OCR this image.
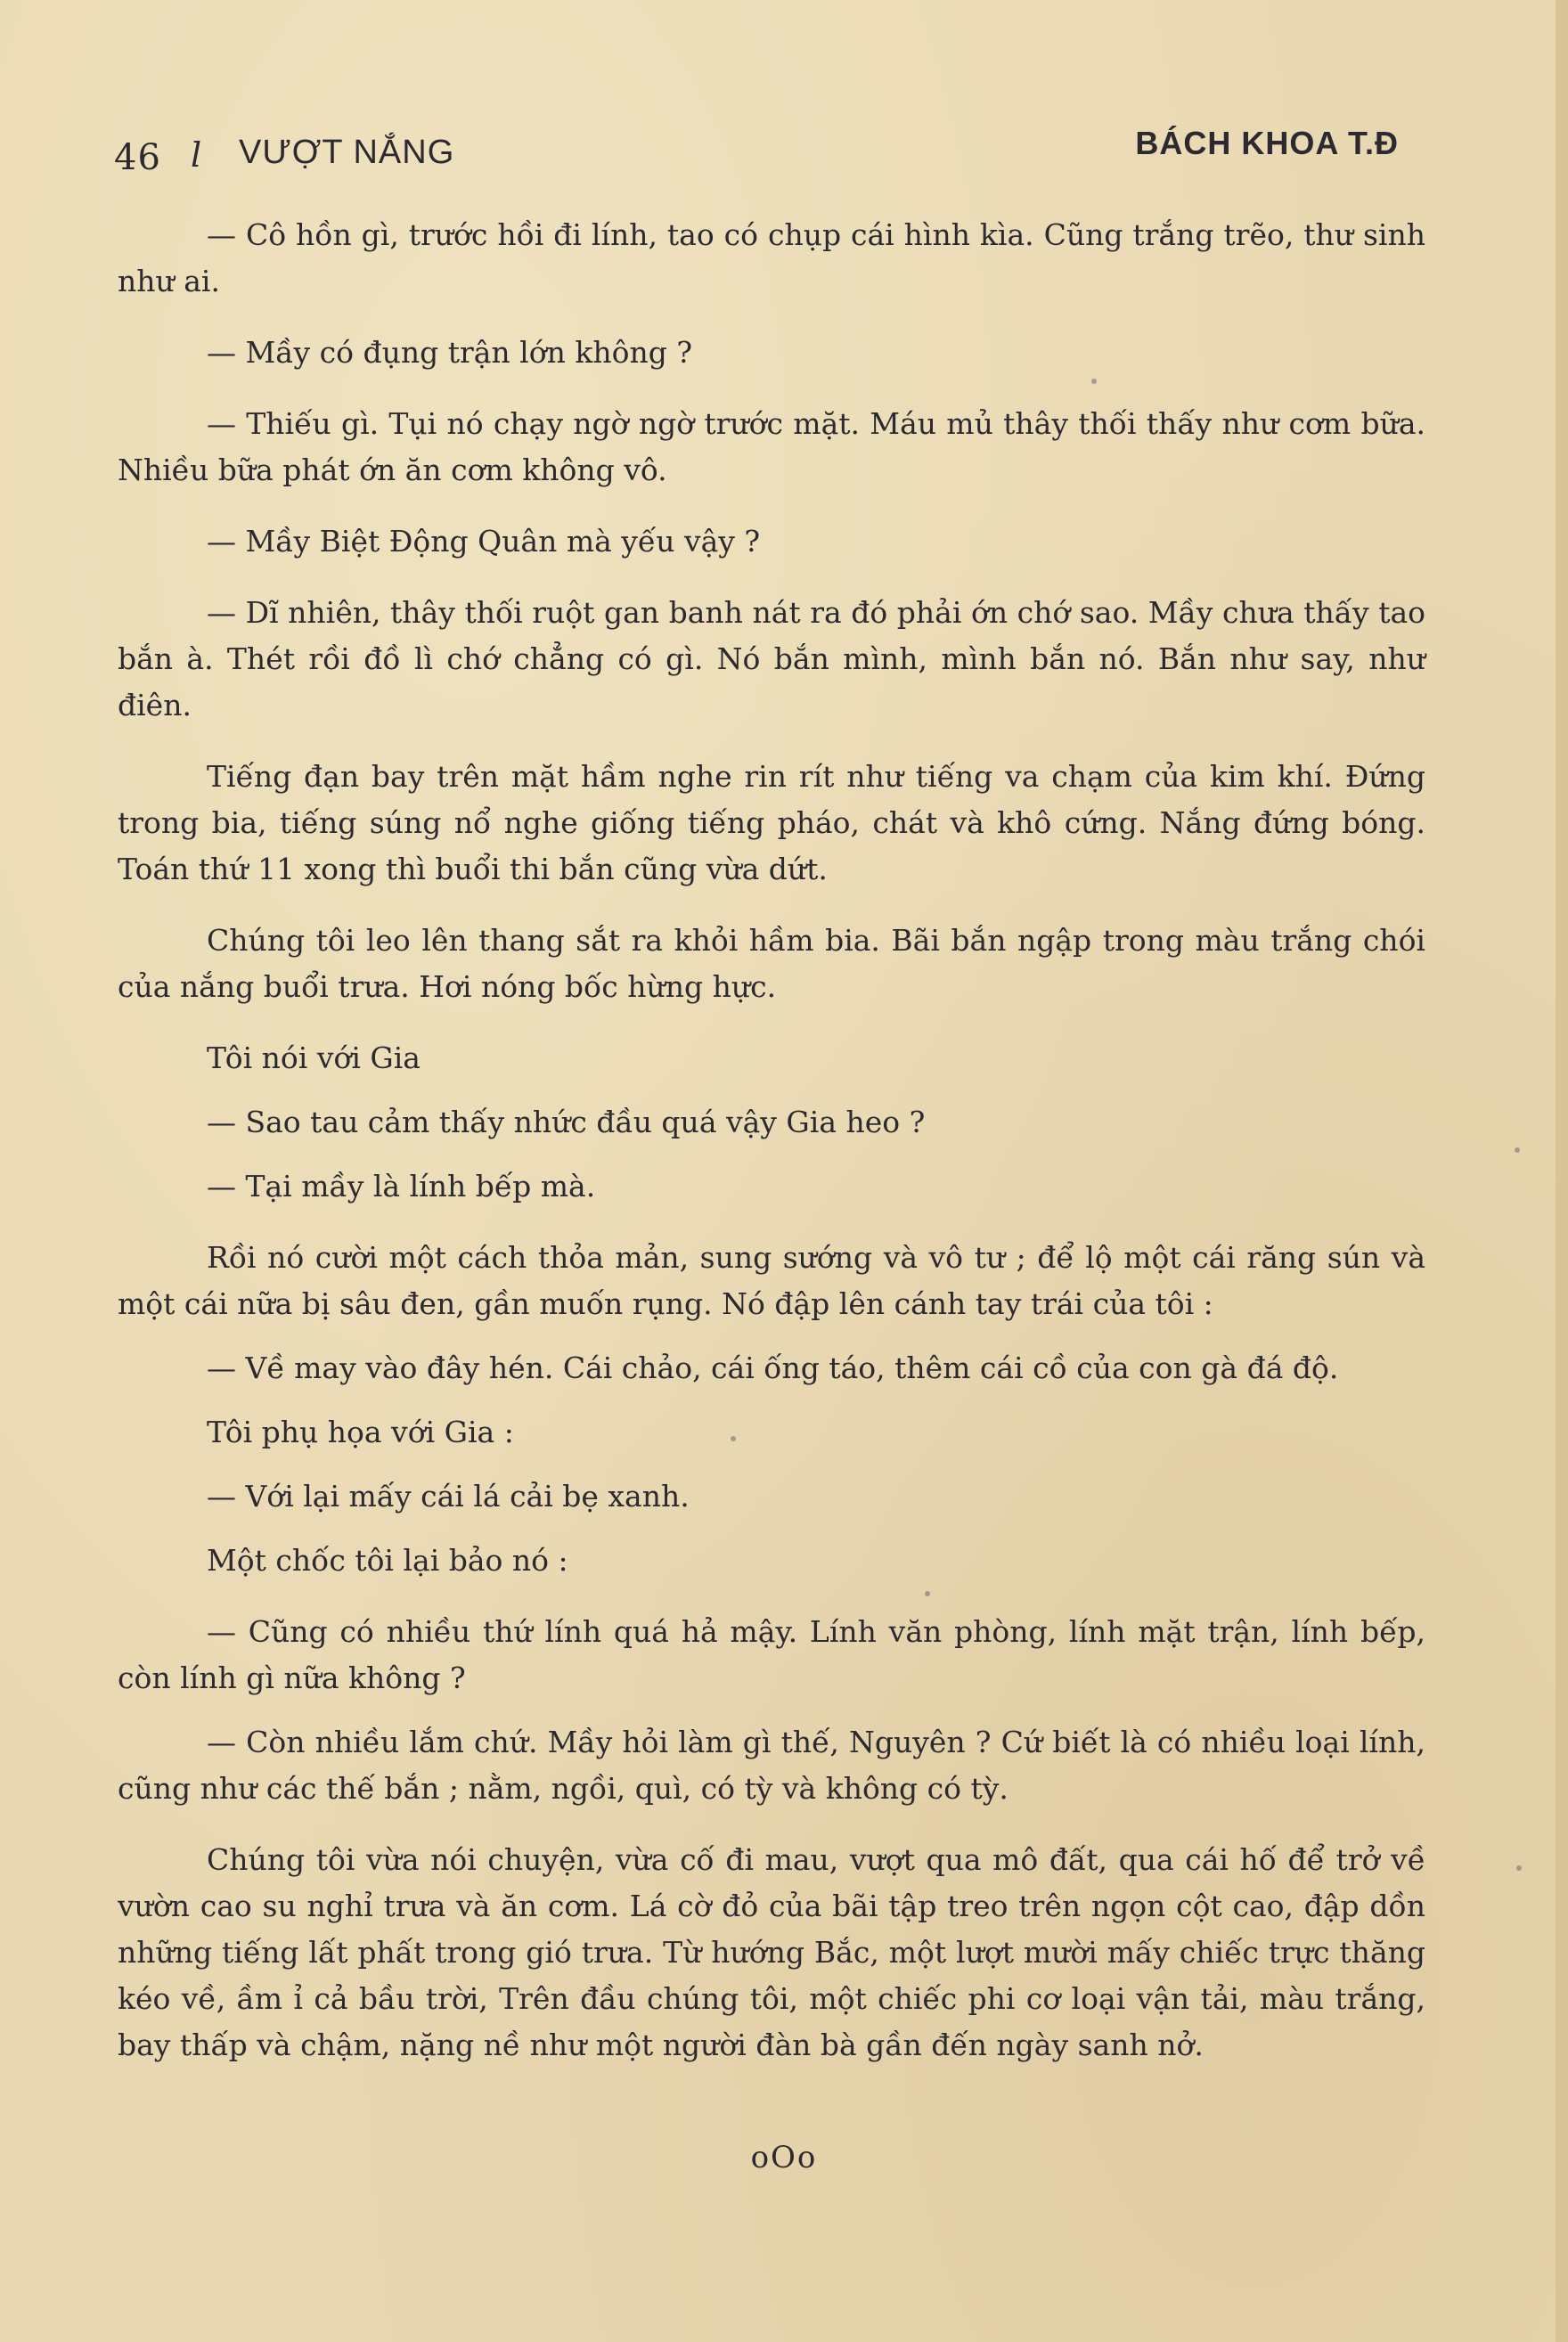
46 l VƯỢT NẮNG	BÁCH KHOA T.Đ

— Cô hồn gì, trước hồi đi lính, tao có chụp cái hình kìa. Cũng trắng trẽo, thư sinh như ai.

— Mầy có đụng trận lớn không ?

— Thiếu gì. Tụi nó chạy ngờ ngờ trước mặt. Máu mủ thây thối thấy như cơm bữa. Nhiều bữa phát ớn ăn cơm không vô.

— Mầy Biệt Động Quân mà yếu vậy ?

— Dĩ nhiên, thây thối ruột gan banh nát ra đó phải ớn chớ sao. Mầy chưa thấy tao bắn à. Thét rồi đồ lì chớ chẳng có gì. Nó bắn mình, mình bắn nó. Bắn như say, như điên.

Tiếng đạn bay trên mặt hầm nghe rin rít như tiếng va chạm của kim khí. Đứng trong bia, tiếng súng nổ nghe giống tiếng pháo, chát và khô cứng. Nắng đứng bóng. Toán thứ 11 xong thì buổi thi bắn cũng vừa dứt.

Chúng tôi leo lên thang sắt ra khỏi hầm bia. Bãi bắn ngập trong màu trắng chói của nắng buổi trưa. Hơi nóng bốc hừng hực.

Tôi nói với Gia

— Sao tau cảm thấy nhức đầu quá vậy Gia heo ?

— Tại mầy là lính bếp mà.

Rồi nó cười một cách thỏa mản, sung sướng và vô tư ; để lộ một cái răng sún và một cái nữa bị sâu đen, gần muốn rụng. Nó đập lên cánh tay trái của tôi :

— Về may vào đây hén. Cái chảo, cái ống táo, thêm cái cồ của con gà đá độ.

Tôi phụ họa với Gia :

— Với lại mấy cái lá cải bẹ xanh.

Một chốc tôi lại bảo nó :

— Cũng có nhiều thứ lính quá hả mậy. Lính văn phòng, lính mặt trận, lính bếp, còn lính gì nữa không ?

— Còn nhiều lắm chứ. Mầy hỏi làm gì thế, Nguyên ? Cứ biết là có nhiều loại lính, cũng như các thế bắn ; nằm, ngồi, quì, có tỳ và không có tỳ.

Chúng tôi vừa nói chuyện, vừa cố đi mau, vượt qua mô đất, qua cái hố để trở về vườn cao su nghỉ trưa và ăn cơm. Lá cờ đỏ của bãi tập treo trên ngọn cột cao, đập dồn những tiếng lất phất trong gió trưa. Từ hướng Bắc, một lượt mười mấy chiếc trực thăng kéo về, ầm ỉ cả bầu trời, Trên đầu chúng tôi, một chiếc phi cơ loại vận tải, màu trắng, bay thấp và chậm, nặng nề như một người đàn bà gần đến ngày sanh nở.

oOo
